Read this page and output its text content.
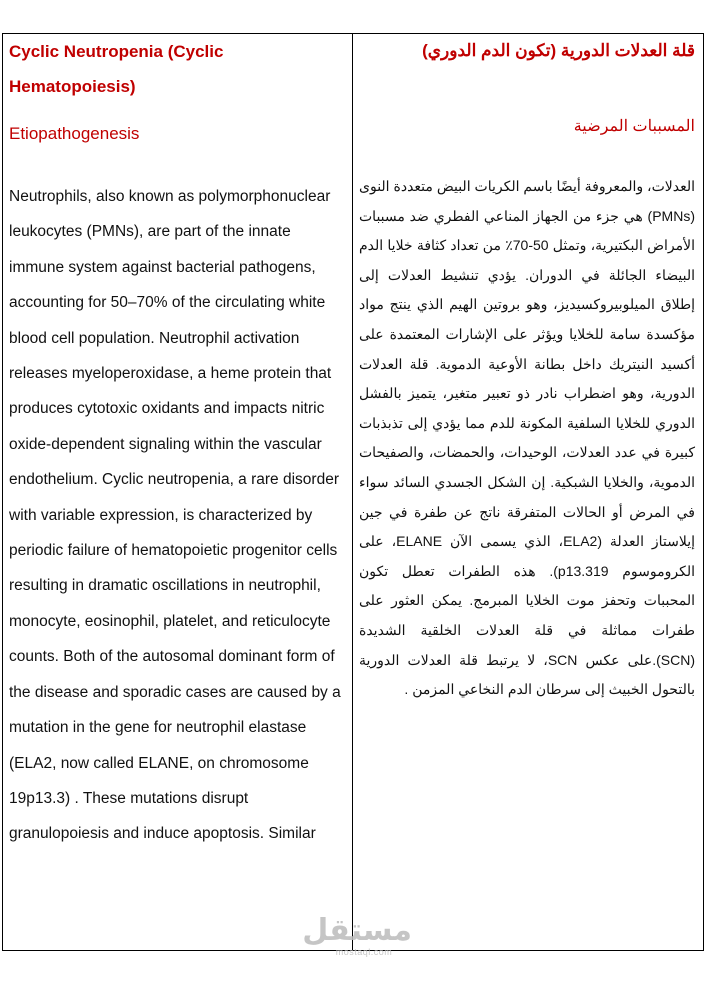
Cyclic Neutropenia (Cyclic Hematopoiesis)

Etiopathogenesis

Neutrophils, also known as polymorphonuclear leukocytes (PMNs), are part of the innate immune system against bacterial pathogens, accounting for 50–70% of the circulating white blood cell population. Neutrophil activation releases myeloperoxidase, a heme protein that produces cytotoxic oxidants and impacts nitric oxide-dependent signaling within the vascular endothelium. Cyclic neutropenia, a rare disorder with variable expression, is characterized by periodic failure of hematopoietic progenitor cells resulting in dramatic oscillations in neutrophil, monocyte, eosinophil, platelet, and reticulocyte counts. Both of the autosomal dominant form of the disease and sporadic cases are caused by a mutation in the gene for neutrophil elastase (ELA2, now called ELANE, on chromosome 19p13.3) . These mutations disrupt granulopoiesis and induce apoptosis. Similar

قلة العدلات الدورية (تكون الدم الدوري)

المسببات المرضية

العدلات، والمعروفة أيضًا باسم الكريات البيض متعددة النوى (PMNs) هي جزء من الجهاز المناعي الفطري ضد مسببات الأمراض البكتيرية، وتمثل 50-70٪ من تعداد كثافة خلايا الدم البيضاء الجائلة في الدوران. يؤدي تنشيط العدلات إلى إطلاق الميلوبيروكسيديز، وهو بروتين الهيم الذي ينتج مواد مؤكسدة سامة للخلايا ويؤثر على الإشارات المعتمدة على أكسيد النيتريك داخل بطانة الأوعية الدموية. قلة العدلات الدورية، وهو اضطراب نادر ذو تعبير متغير، يتميز بالفشل الدوري للخلايا السلفية المكونة للدم مما يؤدي إلى تذبذبات كبيرة في عدد العدلات، الوحيدات، والحمضات، والصفيحات الدموية، والخلايا الشبكية. إن الشكل الجسدي السائد سواء في المرض أو الحالات المتفرقة ناتج عن طفرة في جين إيلاستاز العدلة (ELA2، الذي يسمى الآن ELANE، على الكروموسوم p13.319). هذه الطفرات تعطل تكون المحببات وتحفز موت الخلايا المبرمج. يمكن العثور على طفرات مماثلة في قلة العدلات الخلقية الشديدة (SCN).على عكس SCN، لا يرتبط قلة العدلات الدورية بالتحول الخبيث إلى سرطان الدم النخاعي المزمن .

مستقل
mostaql.com
